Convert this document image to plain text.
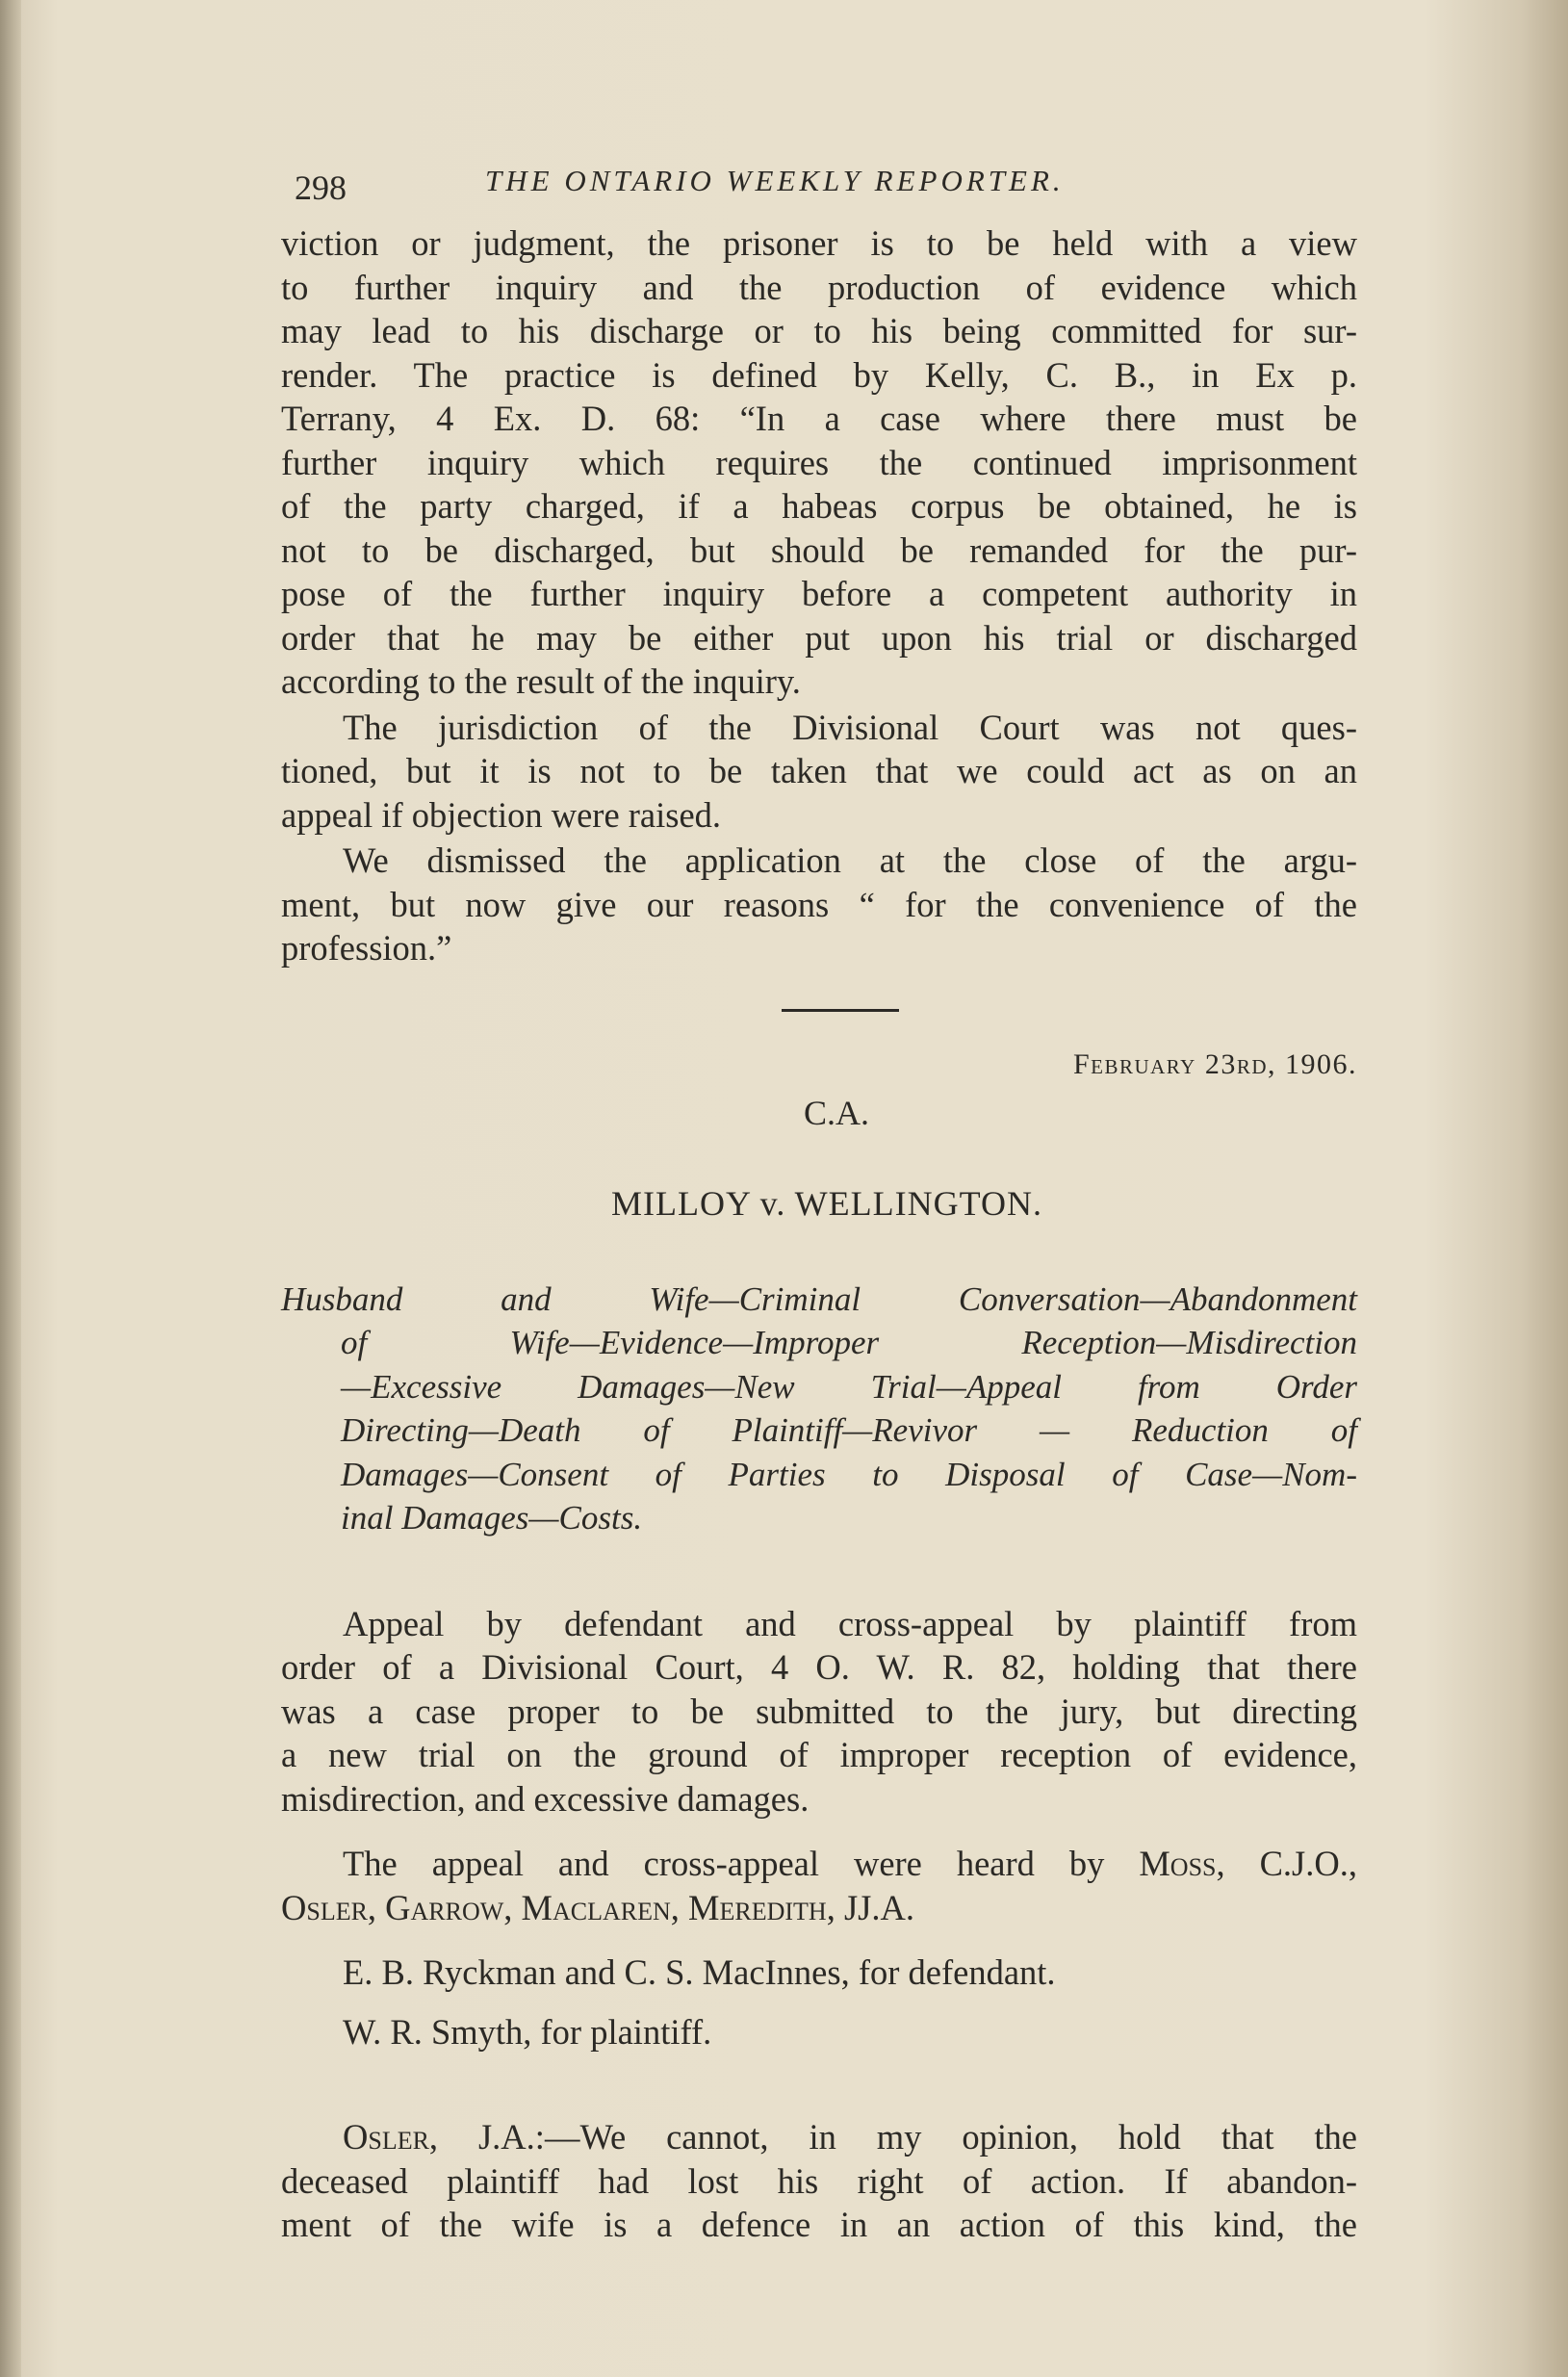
298	THE ONTARIO WEEKLY REPORTER.
viction or judgment, the prisoner is to be held with a view
to further inquiry and the production of evidence which
may lead to his discharge or to his being committed for sur-
render. The practice is defined by Kelly, C. B., in Ex p.
Terrany, 4 Ex. D. 68: “In a case where there must be
further inquiry which requires the continued imprisonment
of the party charged, if a habeas corpus be obtained, he is
not to be discharged, but should be remanded for the pur-
pose of the further inquiry before a competent authority in
order that he may be either put upon his trial or discharged
according to the result of the inquiry.
The jurisdiction of the Divisional Court was not ques-
tioned, but it is not to be taken that we could act as on an
appeal if objection were raised.
We dismissed the application at the close of the argu-
ment, but now give our reasons “ for the convenience of the
profession.”
February 23rd, 1906.
C.A.
MILLOY v. WELLINGTON.
Husband and Wife—Criminal Conversation—Abandonment
of Wife—Evidence—Improper Reception—Misdirection
—Excessive Damages—New Trial—Appeal from Order
Directing—Death of Plaintiff—Revivor — Reduction of
Damages—Consent of Parties to Disposal of Case—Nom-
inal Damages—Costs.
Appeal by defendant and cross-appeal by plaintiff from
order of a Divisional Court, 4 O. W. R. 82, holding that there
was a case proper to be submitted to the jury, but directing
a new trial on the ground of improper reception of evidence,
misdirection, and excessive damages.
The appeal and cross-appeal were heard by Moss, C.J.O.,
Osler, Garrow, Maclaren, Meredith, JJ.A.
E. B. Ryckman and C. S. MacInnes, for defendant.
W. R. Smyth, for plaintiff.
Osler, J.A.:—We cannot, in my opinion, hold that the
deceased plaintiff had lost his right of action. If abandon-
ment of the wife is a defence in an action of this kind, the
